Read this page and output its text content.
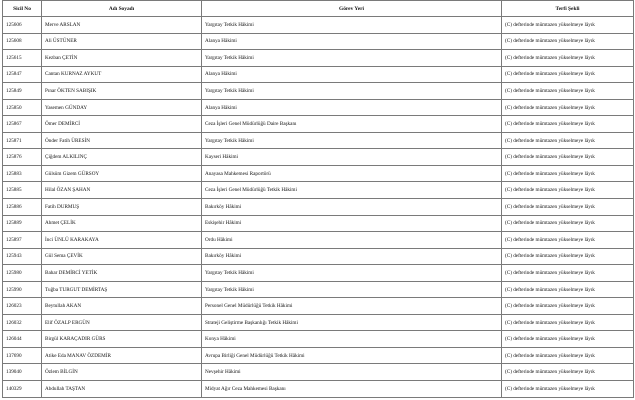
Sicil No	Adı Soyadı	Görev Yeri	Terfi Şekli
125606	Merve ARSLAN	Yargıtay Tetkik Hâkimi	(C) defterinde mümtazen yükselmeye lâyık
125608	Ali ÜSTÜNER	Alanya Hâkimi	(C) defterinde mümtazen yükselmeye lâyık
125615	Kezban ÇETİN	Yargıtay Tetkik Hâkimi	(C) defterinde mümtazen yükselmeye lâyık
125847	Cantan KURNAZ AYKUT	Alanya Hâkimi	(C) defterinde mümtazen yükselmeye lâyık
125849	Pınar ÖKTEN SABIŞIK	Yargıtay Tetkik Hâkimi	(C) defterinde mümtazen yükselmeye lâyık
125850	Yasemen GÜNDAY	Alanya Hâkimi	(C) defterinde mümtazen yükselmeye lâyık
125867	Ömer DEMİRCİ	Ceza İşleri Genel Müdürlüğü Daire Başkanı	(C) defterinde mümtazen yükselmeye lâyık
125871	Önder Fatih ÜRESİN	Yargıtay Tetkik Hâkimi	(C) defterinde mümtazen yükselmeye lâyık
125876	Çiğdem ALKILINÇ	Kayseri Hâkimi	(C) defterinde mümtazen yükselmeye lâyık
125883	Gülsüm Gizem GÜRSOY	Anayasa Mahkemesi Raportörü	(C) defterinde mümtazen yükselmeye lâyık
125885	Hilal ÖZAN ŞAHAN	Ceza İşleri Genel Müdürlüğü Tetkik Hâkimi	(C) defterinde mümtazen yükselmeye lâyık
125886	Fatih DURMUŞ	Bakırköy Hâkimi	(C) defterinde mümtazen yükselmeye lâyık
125889	Ahmet ÇELİK	Eskişehir Hâkimi	(C) defterinde mümtazen yükselmeye lâyık
125897	İnci ÜNLÜ KARAKAYA	Ordu Hâkimi	(C) defterinde mümtazen yükselmeye lâyık
125943	Gül Sema ÇEVİK	Bakırköy Hâkimi	(C) defterinde mümtazen yükselmeye lâyık
125980	Bahar DEMİRCİ YETİK	Yargıtay Tetkik Hâkimi	(C) defterinde mümtazen yükselmeye lâyık
125990	Tuğba TURGUT DEMİRTAŞ	Yargıtay Tetkik Hâkimi	(C) defterinde mümtazen yükselmeye lâyık
126023	Beytullah AKAN	Personel Genel Müdürlüğü Tetkik Hâkimi	(C) defterinde mümtazen yükselmeye lâyık
126032	Elif ÖZALP ERGÜN	Strateji Geliştirme Başkanlığı Tetkik Hâkimi	(C) defterinde mümtazen yükselmeye lâyık
126044	Birgül KARAÇADIR GÜRS	Konya Hâkimi	(C) defterinde mümtazen yükselmeye lâyık
137690	Atike Eda MANAV ÖZDEMİR	Avrupa Birliği Genel Müdürlüğü Tetkik Hâkimi	(C) defterinde mümtazen yükselmeye lâyık
139040	Özlem BİLGİN	Nevşehir Hâkimi	(C) defterinde mümtazen yükselmeye lâyık
140329	Abdullah TAŞTAN	Midyat Ağır Ceza Mahkemesi Başkanı	(C) defterinde mümtazen yükselmeye lâyık
